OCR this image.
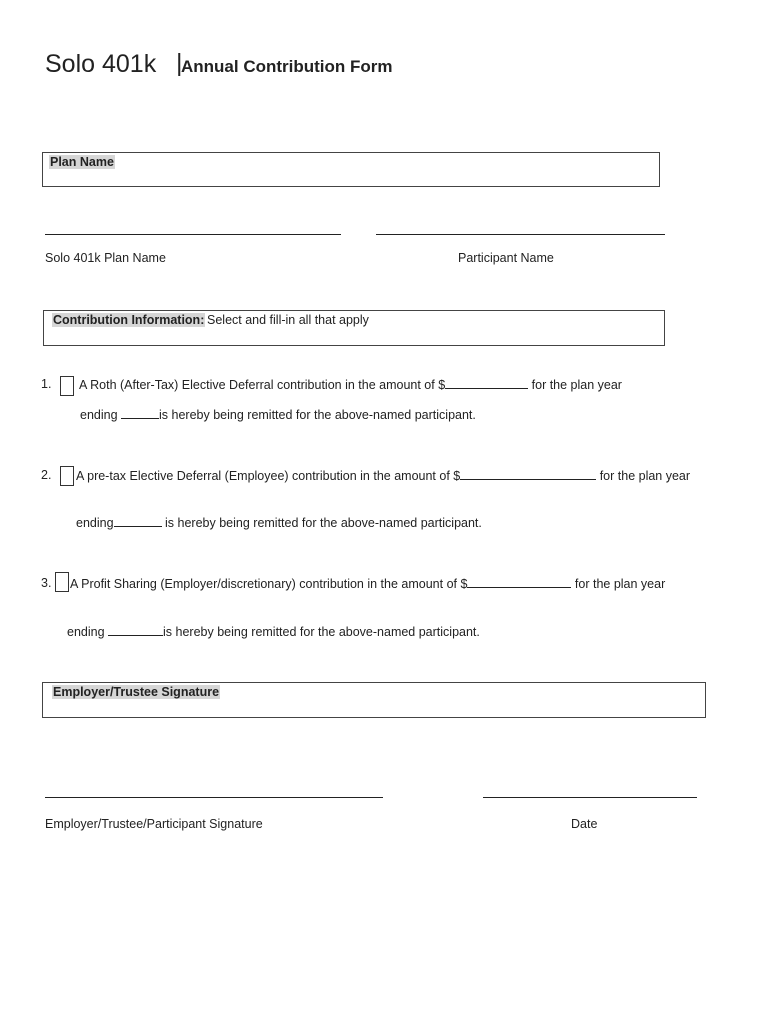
Solo 401k |
Annual Contribution Form
Plan Name
Solo 401k Plan Name	Participant Name
Contribution Information: Select and fill-in all that apply
1. A Roth (After-Tax) Elective Deferral contribution in the amount of $	for the plan year
ending	is hereby being remitted for the above-named participant.
2. A pre-tax Elective Deferral (Employee) contribution in the amount of $	for the plan year
ending	is hereby being remitted for the above-named participant.
3. A Profit Sharing (Employer/discretionary) contribution in the amount of $	for the plan year
ending	is hereby being remitted for the above-named participant.
Employer/Trustee Signature
Employer/Trustee/Participant Signature	Date
